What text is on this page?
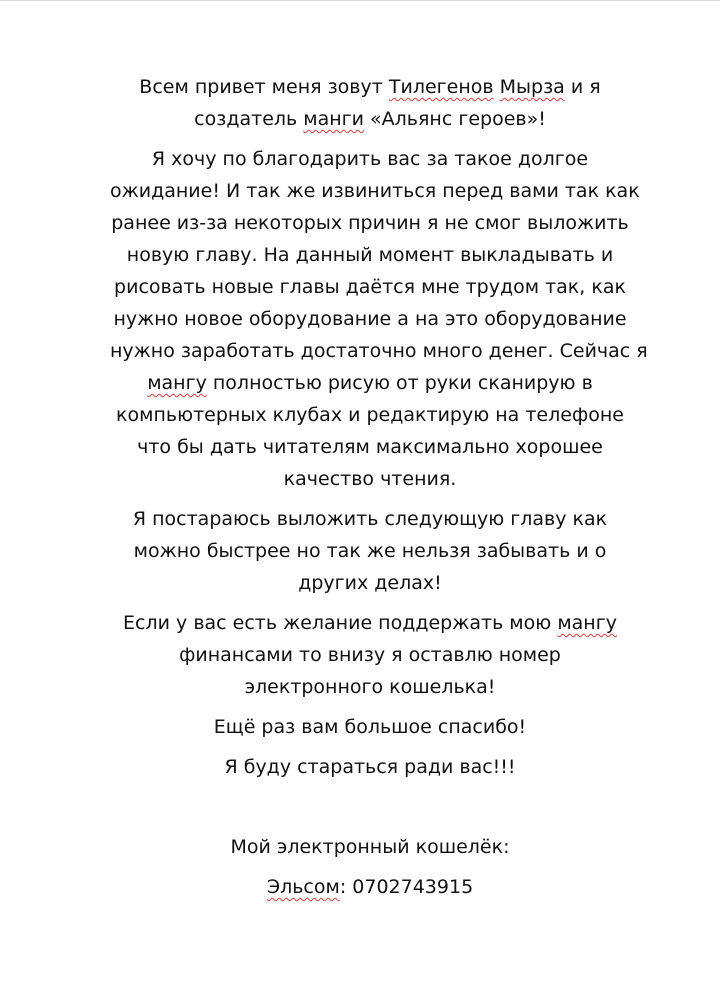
Всем привет меня зовут Тилегенов Мырза и я
создатель манги «Альянс героев»!
Я хочу по благодарить вас за такое долгое
ожидание! И так же извиниться перед вами так как
ранее из-за некоторых причин я не смог выложить
новую главу. На данный момент выкладывать и
рисовать новые главы даётся мне трудом так, как
нужно новое оборудование а на это оборудование
нужно заработать достаточно много денег. Сейчас я
мангу полностью рисую от руки сканирую в
компьютерных клубах и редактирую на телефоне
что бы дать читателям максимально хорошее
качество чтения.
Я постараюсь выложить следующую главу как
можно быстрее но так же нельзя забывать и о
других делах!
Если у вас есть желание поддержать мою мангу
финансами то внизу я оставлю номер
электронного кошелька!
Ещё раз вам большое спасибо!
Я буду стараться ради вас!!!
Мой электронный кошелёк:
Эльсом: 0702743915
